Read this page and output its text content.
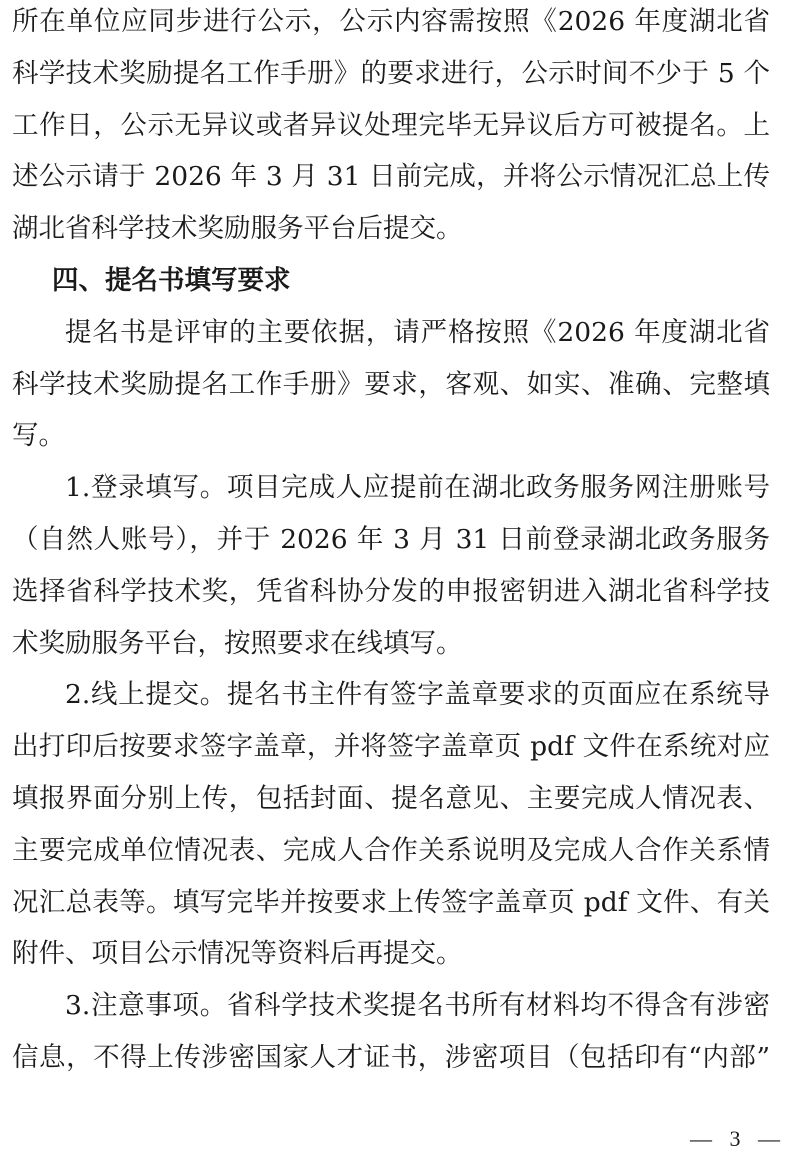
所在单位应同步进行公示，公示内容需按照《2026 年度湖北省
科学技术奖励提名工作手册》的要求进行，公示时间不少于 5 个
工作日，公示无异议或者异议处理完毕无异议后方可被提名。上
述公示请于 2026 年 3 月 31 日前完成，并将公示情况汇总上传
湖北省科学技术奖励服务平台后提交。
四、提名书填写要求
提名书是评审的主要依据，请严格按照《2026 年度湖北省
科学技术奖励提名工作手册》要求，客观、如实、准确、完整填
写。
1.登录填写。项目完成人应提前在湖北政务服务网注册账号
（自然人账号），并于 2026 年 3 月 31 日前登录湖北政务服务
选择省科学技术奖，凭省科协分发的申报密钥进入湖北省科学技
术奖励服务平台，按照要求在线填写。
2.线上提交。提名书主件有签字盖章要求的页面应在系统导
出打印后按要求签字盖章，并将签字盖章页 pdf 文件在系统对应
填报界面分别上传，包括封面、提名意见、主要完成人情况表、
主要完成单位情况表、完成人合作关系说明及完成人合作关系情
况汇总表等。填写完毕并按要求上传签字盖章页 pdf 文件、有关
附件、项目公示情况等资料后再提交。
3.注意事项。省科学技术奖提名书所有材料均不得含有涉密
信息，不得上传涉密国家人才证书，涉密项目（包括印有“内部”
— 3 —
